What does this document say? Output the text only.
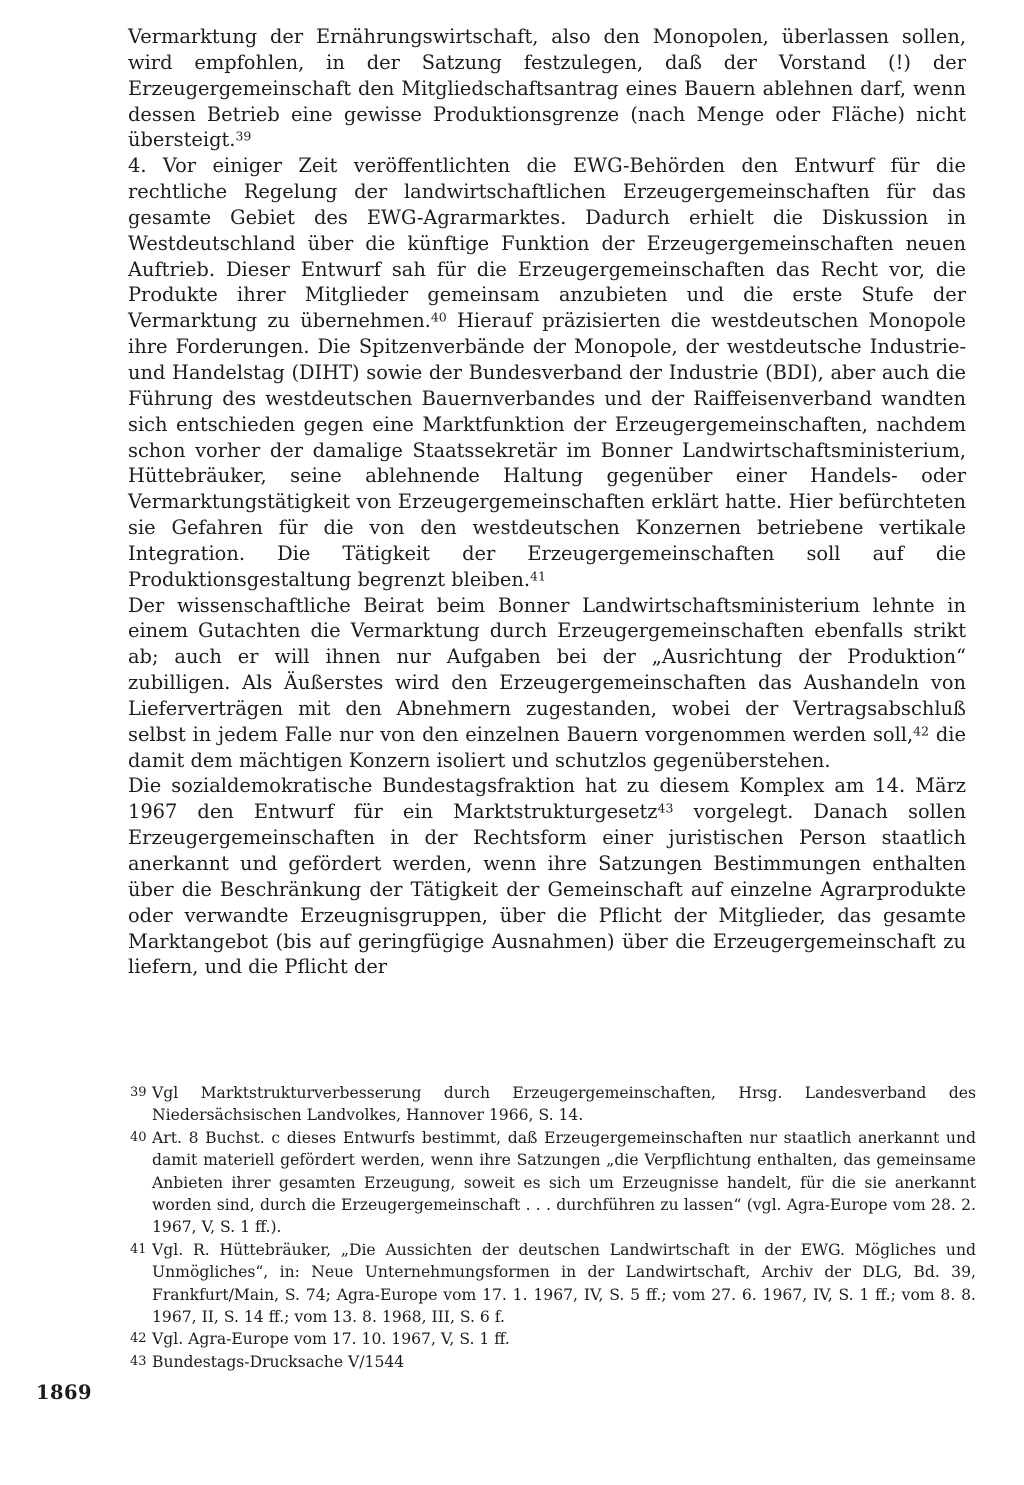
Vermarktung der Ernährungswirtschaft, also den Monopolen, überlassen sollen, wird empfohlen, in der Satzung festzulegen, daß der Vorstand (!) der Erzeugergemeinschaft den Mitgliedschaftsantrag eines Bauern ablehnen darf, wenn dessen Betrieb eine gewisse Produktionsgrenze (nach Menge oder Fläche) nicht übersteigt.$^{39}$

4. Vor einiger Zeit veröffentlichten die EWG-Behörden den Entwurf für die rechtliche Regelung der landwirtschaftlichen Erzeugergemeinschaften für das gesamte Gebiet des EWG-Agrarmarktes. Dadurch erhielt die Diskussion in Westdeutschland über die künftige Funktion der Erzeugergemeinschaften neuen Auftrieb. Dieser Entwurf sah für die Erzeugergemeinschaften das Recht vor, die Produkte ihrer Mitglieder gemeinsam anzubieten und die erste Stufe der Vermarktung zu übernehmen.$^{40}$ Hierauf präzisierten die westdeutschen Monopole ihre Forderungen. Die Spitzenverbände der Monopole, der westdeutsche Industrie- und Handelstag (DIHT) sowie der Bundesverband der Industrie (BDI), aber auch die Führung des westdeutschen Bauernverbandes und der Raiffeisenverband wandten sich entschieden gegen eine Marktfunktion der Erzeugergemeinschaften, nachdem schon vorher der damalige Staatssekretär im Bonner Landwirtschaftsministerium, Hüttebräuker, seine ablehnende Haltung gegenüber einer Handels- oder Vermarktungstätigkeit von Erzeugergemeinschaften erklärt hatte. Hier befürchteten sie Gefahren für die von den westdeutschen Konzernen betriebene vertikale Integration. Die Tätigkeit der Erzeugergemeinschaften soll auf die Produktionsgestaltung begrenzt bleiben.$^{41}$

Der wissenschaftliche Beirat beim Bonner Landwirtschaftsministerium lehnte in einem Gutachten die Vermarktung durch Erzeugergemeinschaften ebenfalls strikt ab; auch er will ihnen nur Aufgaben bei der „Ausrichtung der Produktion“ zubilligen. Als Äußerstes wird den Erzeugergemeinschaften das Aushandeln von Lieferverträgen mit den Abnehmern zugestanden, wobei der Vertragsabschluß selbst in jedem Falle nur von den einzelnen Bauern vorgenommen werden soll,$^{42}$ die damit dem mächtigen Konzern isoliert und schutzlos gegenüberstehen.

Die sozialdemokratische Bundestagsfraktion hat zu diesem Komplex am 14. März 1967 den Entwurf für ein Marktstrukturgesetz$^{43}$ vorgelegt. Danach sollen Erzeugergemeinschaften in der Rechtsform einer juristischen Person staatlich anerkannt und gefördert werden, wenn ihre Satzungen Bestimmungen enthalten über die Beschränkung der Tätigkeit der Gemeinschaft auf einzelne Agrarprodukte oder verwandte Erzeugnisgruppen, über die Pflicht der Mitglieder, das gesamte Marktangebot (bis auf geringfügige Ausnahmen) über die Erzeugergemeinschaft zu liefern, und die Pflicht der

39 Vgl Marktstrukturverbesserung durch Erzeugergemeinschaften, Hrsg. Landesverband des Niedersächsischen Landvolkes, Hannover 1966, S. 14.

40 Art. 8 Buchst. c dieses Entwurfs bestimmt, daß Erzeugergemeinschaften nur staatlich anerkannt und damit materiell gefördert werden, wenn ihre Satzungen „die Verpflichtung enthalten, das gemeinsame Anbieten ihrer gesamten Erzeugung, soweit es sich um Erzeugnisse handelt, für die sie anerkannt worden sind, durch die Erzeugergemeinschaft . . . durchführen zu lassen“ (vgl. Agra-Europe vom 28. 2. 1967, V, S. 1 ff.).

41 Vgl. R. Hüttebräuker, „Die Aussichten der deutschen Landwirtschaft in der EWG. Mögliches und Unmögliches“, in: Neue Unternehmungsformen in der Landwirtschaft, Archiv der DLG, Bd. 39, Frankfurt/Main, S. 74; Agra-Europe vom 17. 1. 1967, IV, S. 5 ff.; vom 27. 6. 1967, IV, S. 1 ff.; vom 8. 8. 1967, II, S. 14 ff.; vom 13. 8. 1968, III, S. 6 f.

42 Vgl. Agra-Europe vom 17. 10. 1967, V, S. 1 ff.

43 Bundestags-Drucksache V/1544

1869
